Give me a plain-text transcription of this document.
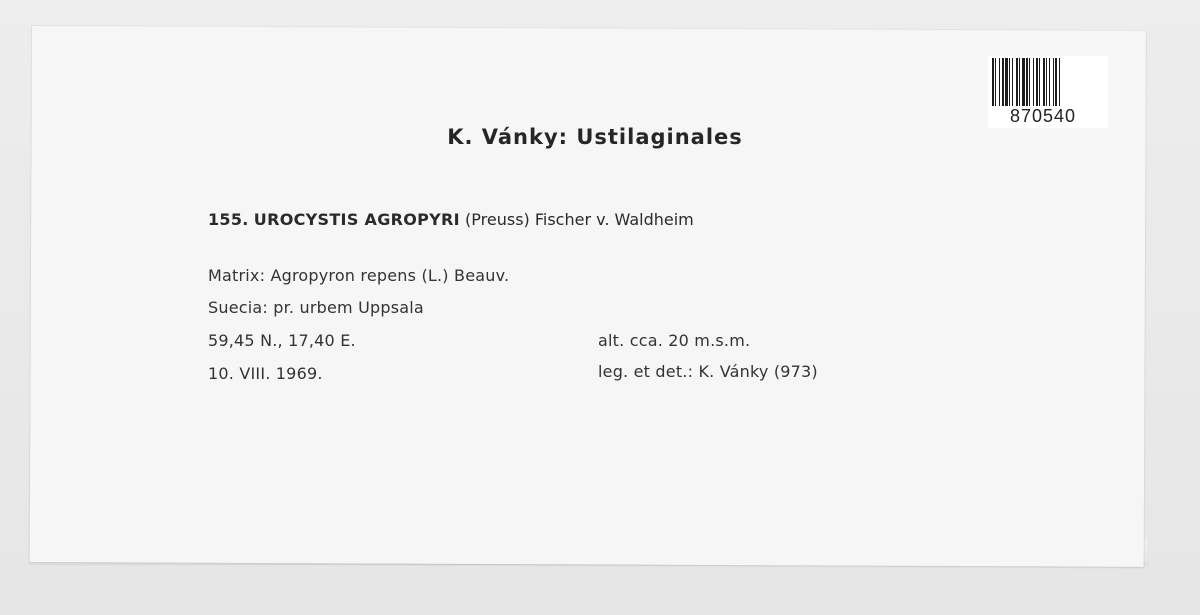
870540
K. Vánky: Ustilaginales
155. UROCYSTIS AGROPYRI (Preuss) Fischer v. Waldheim
Matrix: Agropyron repens (L.) Beauv.
Suecia: pr. urbem Uppsala
59,45 N., 17,40 E.
10. VIII. 1969.
alt. cca. 20 m.s.m.
leg. et det.: K. Vánky (973)
